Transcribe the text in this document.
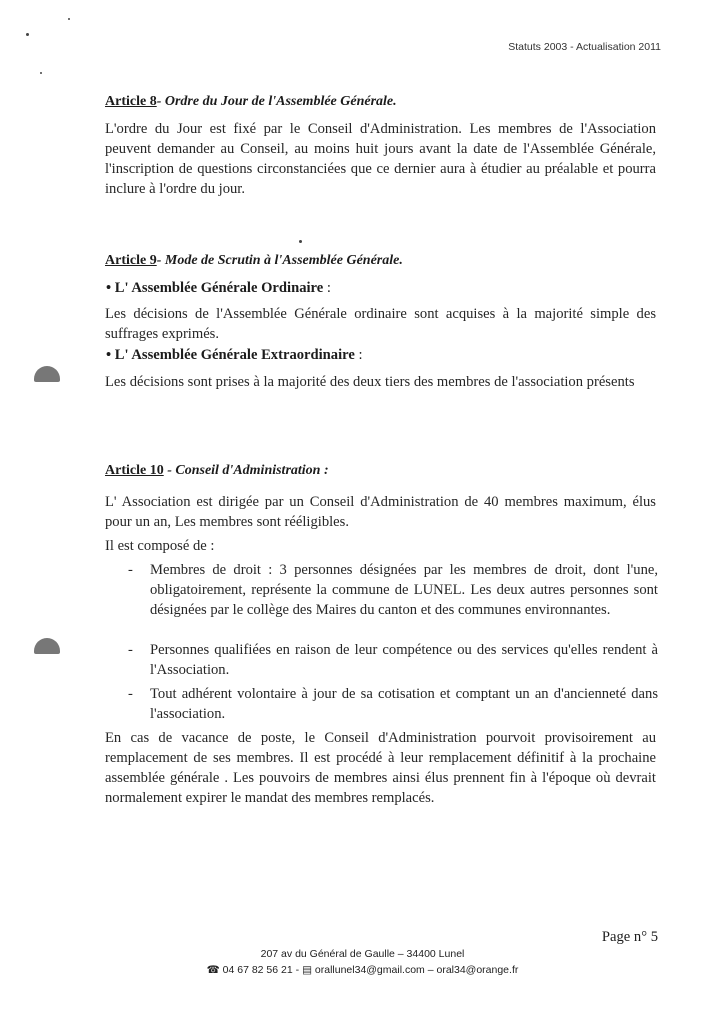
Statuts 2003 - Actualisation 2011
Article 8- Ordre du Jour de l'Assemblée Générale.
L'ordre du Jour est fixé par le Conseil d'Administration. Les membres de l'Association peuvent demander au Conseil, au moins huit jours avant la date de l'Assemblée Générale, l'inscription de questions circonstanciées que ce dernier aura à étudier au préalable et pourra inclure à l'ordre du jour.
Article 9- Mode de Scrutin à l'Assemblée Générale.
• L' Assemblée Générale Ordinaire :
Les décisions de l'Assemblée Générale ordinaire sont acquises à la majorité simple des suffrages exprimés.
• L' Assemblée Générale Extraordinaire :
Les décisions sont prises à la majorité des deux tiers des membres de l'association présents
Article 10 - Conseil d'Administration :
L' Association est dirigée par un Conseil d'Administration de 40 membres maximum, élus pour un an, Les membres sont rééligibles.
Il est composé de :
- Membres de droit : 3 personnes désignées par les membres de droit, dont l'une, obligatoirement, représente la commune de LUNEL. Les deux autres personnes sont désignées par le collège des Maires du canton et des communes environnantes.
- Personnes qualifiées en raison de leur compétence ou des services qu'elles rendent à l'Association.
- Tout adhérent volontaire à jour de sa cotisation et comptant un an d'ancienneté dans l'association.
En cas de vacance de poste, le Conseil d'Administration pourvoit provisoirement au remplacement de ses membres. Il est procédé à leur remplacement définitif à la prochaine assemblée générale . Les pouvoirs de membres ainsi élus prennent fin à l'époque où devrait normalement expirer le mandat des membres remplacés.
Page n° 5
207 av du Général de Gaulle – 34400 Lunel
☎ 04 67 82 56 21 - ▤ orallunel34@gmail.com – oral34@orange.fr
